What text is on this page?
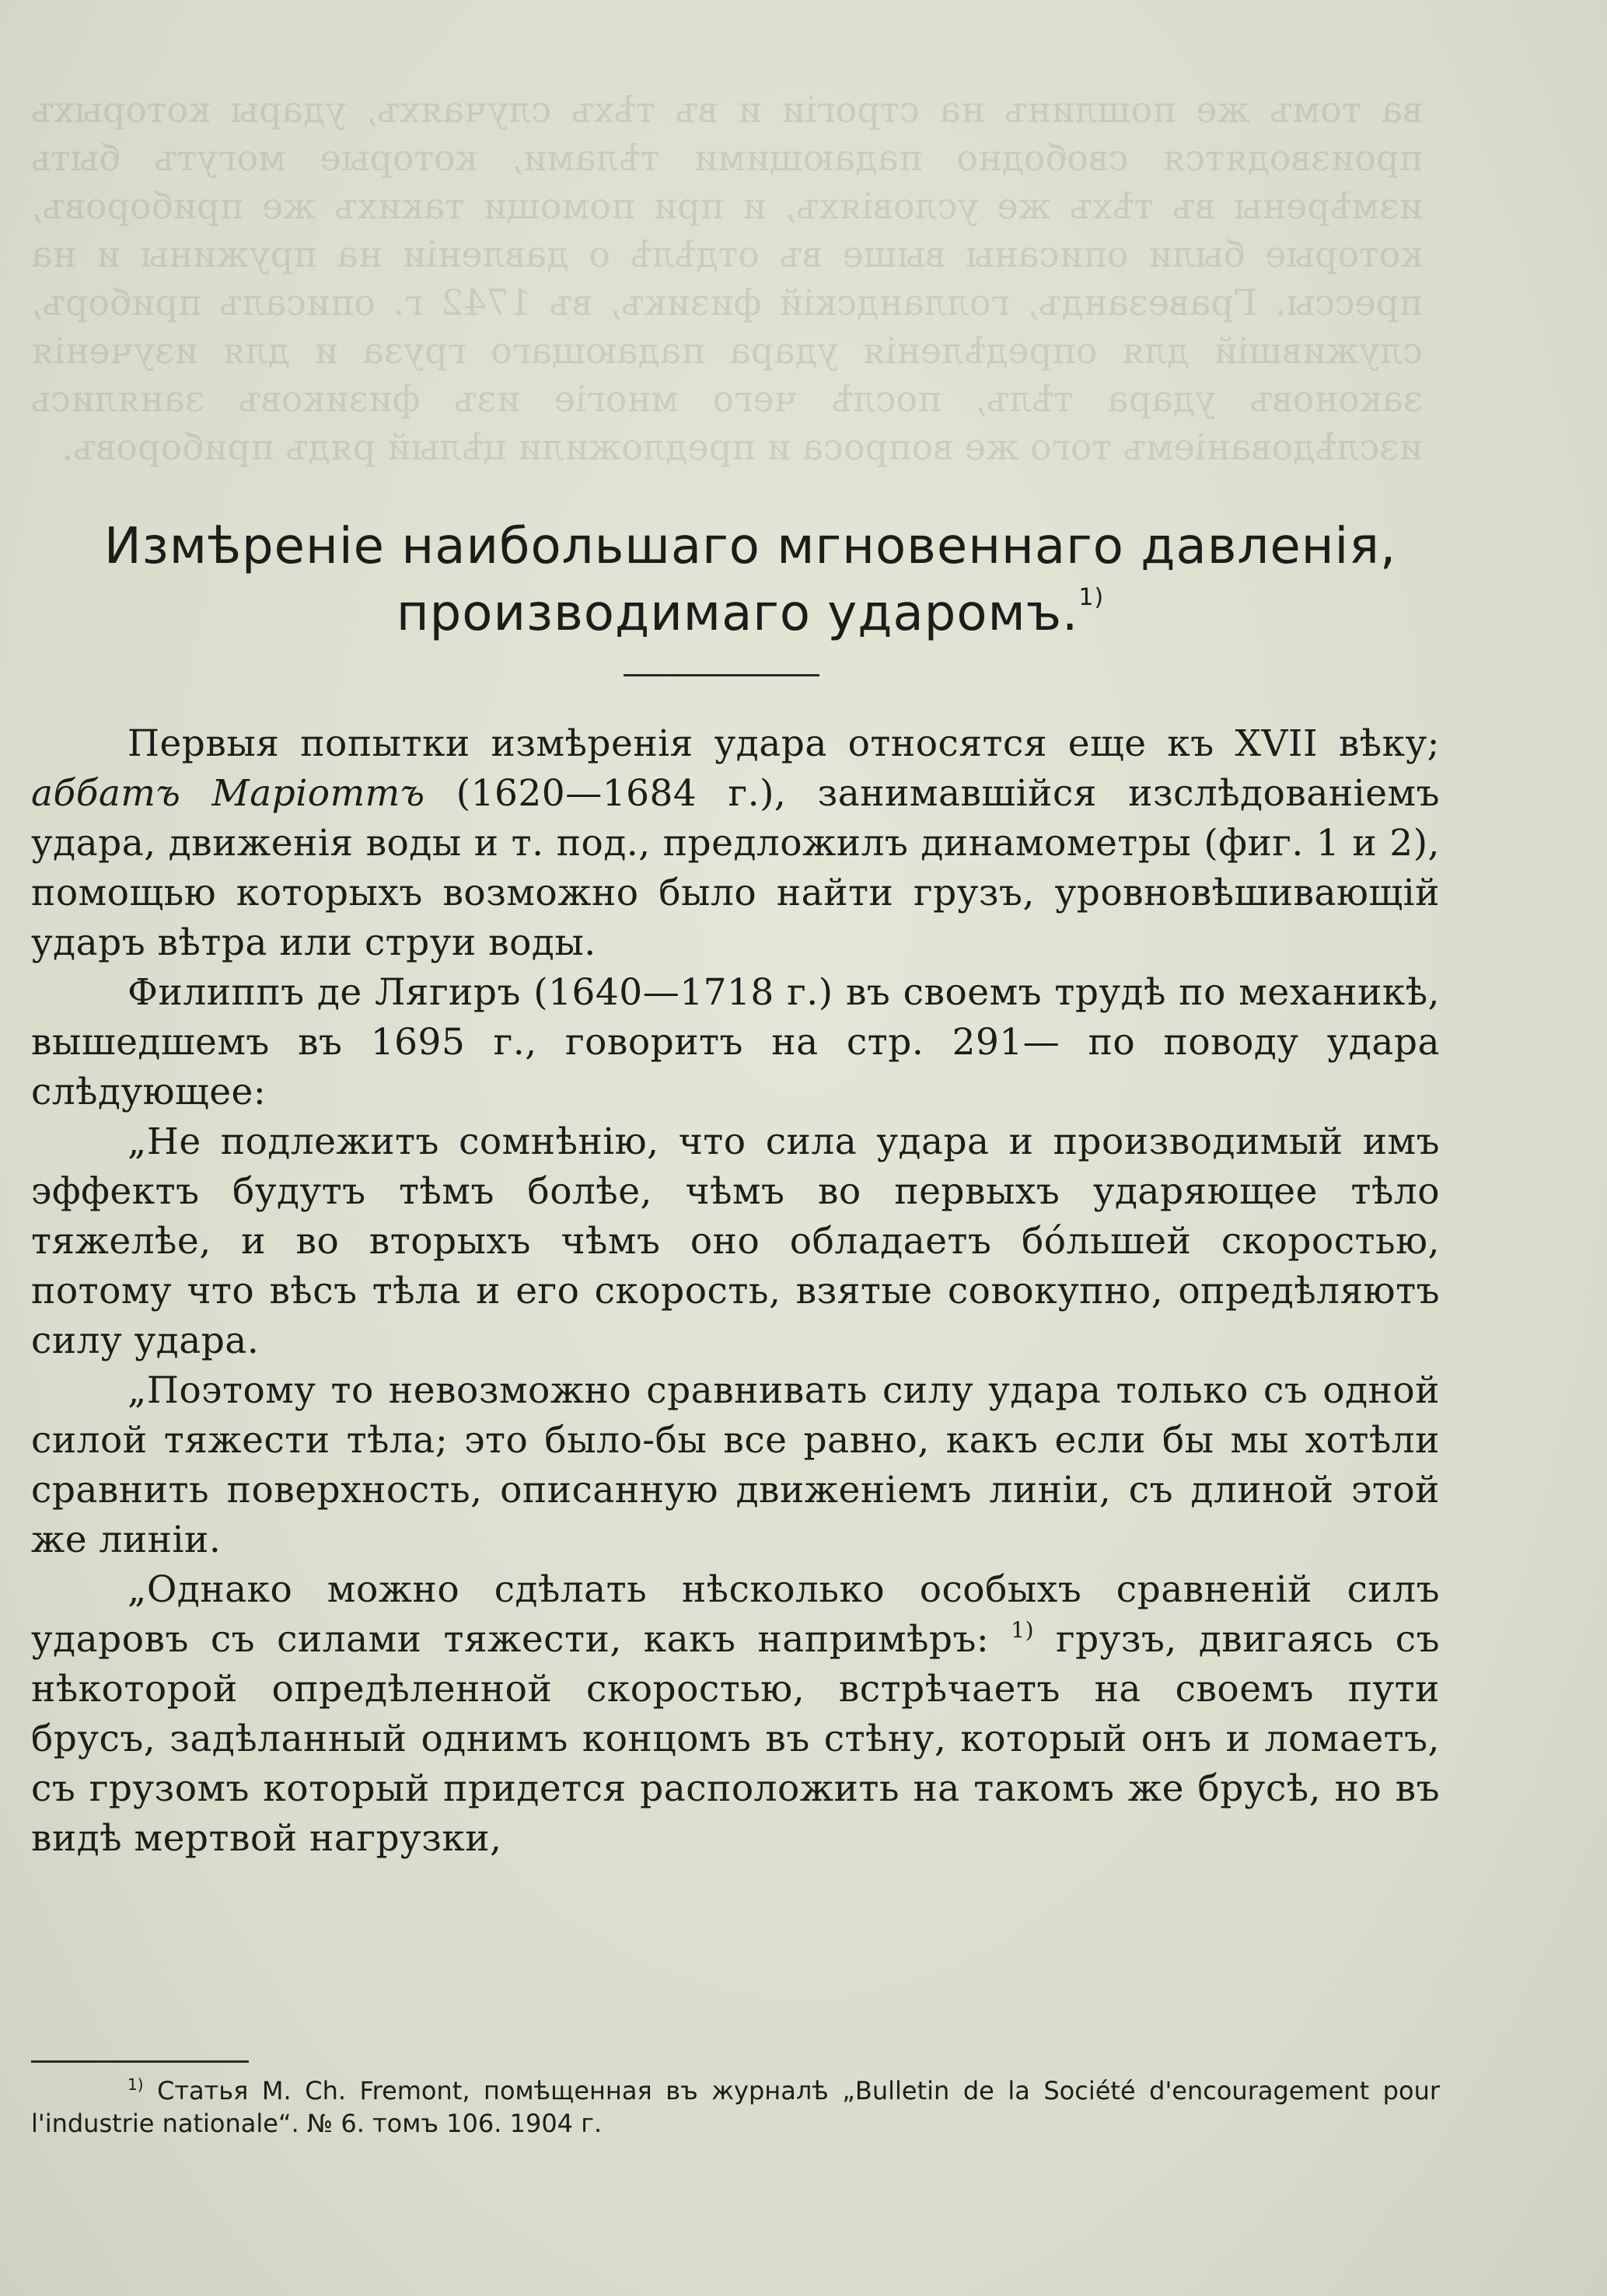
ва томъ же пошлинъ на строгіи и въ тѣхъ случаяхъ, удары которыхъ производятся свободно падающими тѣлами, которые могутъ быть измѣрены въ тѣхъ же условіяхъ, и при помощи такихъ же приборовъ, которые были описаны выше въ отдѣлѣ о давленіи на пружины и на прессы. Гравезандъ, голландскій физикъ, въ 1742 г. описалъ приборъ, служившій для опредѣленія удара падающаго груза и для изученія законовъ удара тѣлъ, послѣ чего многіе изъ физиковъ занялись изслѣдованіемъ того же вопроса и предложили цѣлый рядъ приборовъ.

Измѣреніе наибольшаго мгновеннаго давленія,
производимаго ударомъ.$^{1)}$

Первыя попытки измѣренія удара относятся еще къ XVII вѣку; аббатъ Маріоттъ (1620—1684 г.), занимавшійся изслѣдованіемъ удара, движенія воды и т. под., предложилъ динамометры (фиг. 1 и 2), помощью которыхъ возможно было найти грузъ, уровновѣшивающій ударъ вѣтра или струи воды.

Филиппъ де Лягиръ (1640—1718 г.) въ своемъ трудѣ по механикѣ, вышедшемъ въ 1695 г., говоритъ на стр. 291— по поводу удара слѣдующее:

„Не подлежитъ сомнѣнію, что сила удара и производимый имъ эффектъ будутъ тѣмъ болѣе, чѣмъ во первыхъ ударяющее тѣло тяжелѣе, и во вторыхъ чѣмъ оно обладаетъ бóльшей скоростью, потому что вѣсъ тѣла и его скорость, взятые совокупно, опредѣляютъ силу удара.

„Поэтому то невозможно сравнивать силу удара только съ одной силой тяжести тѣла; это было-бы все равно, какъ если бы мы хотѣли сравнить поверхность, описанную движеніемъ линіи, съ длиной этой же линіи.

„Однако можно сдѣлать нѣсколько особыхъ сравненій силъ ударовъ съ силами тяжести, какъ напримѣръ: $^{1)}$ грузъ, двигаясь съ нѣкоторой опредѣленной скоростью, встрѣчаетъ на своемъ пути брусъ, задѣланный однимъ концомъ въ стѣну, который онъ и ломаетъ, съ грузомъ который придется расположить на такомъ же брусѣ, но въ видѣ мертвой нагрузки,

$^{1)}$ Статья M. Ch. Fremont, помѣщенная въ журналѣ „Bulletin de la Société d'encouragement pour l'industrie nationale“. № 6. томъ 106. 1904 г.
